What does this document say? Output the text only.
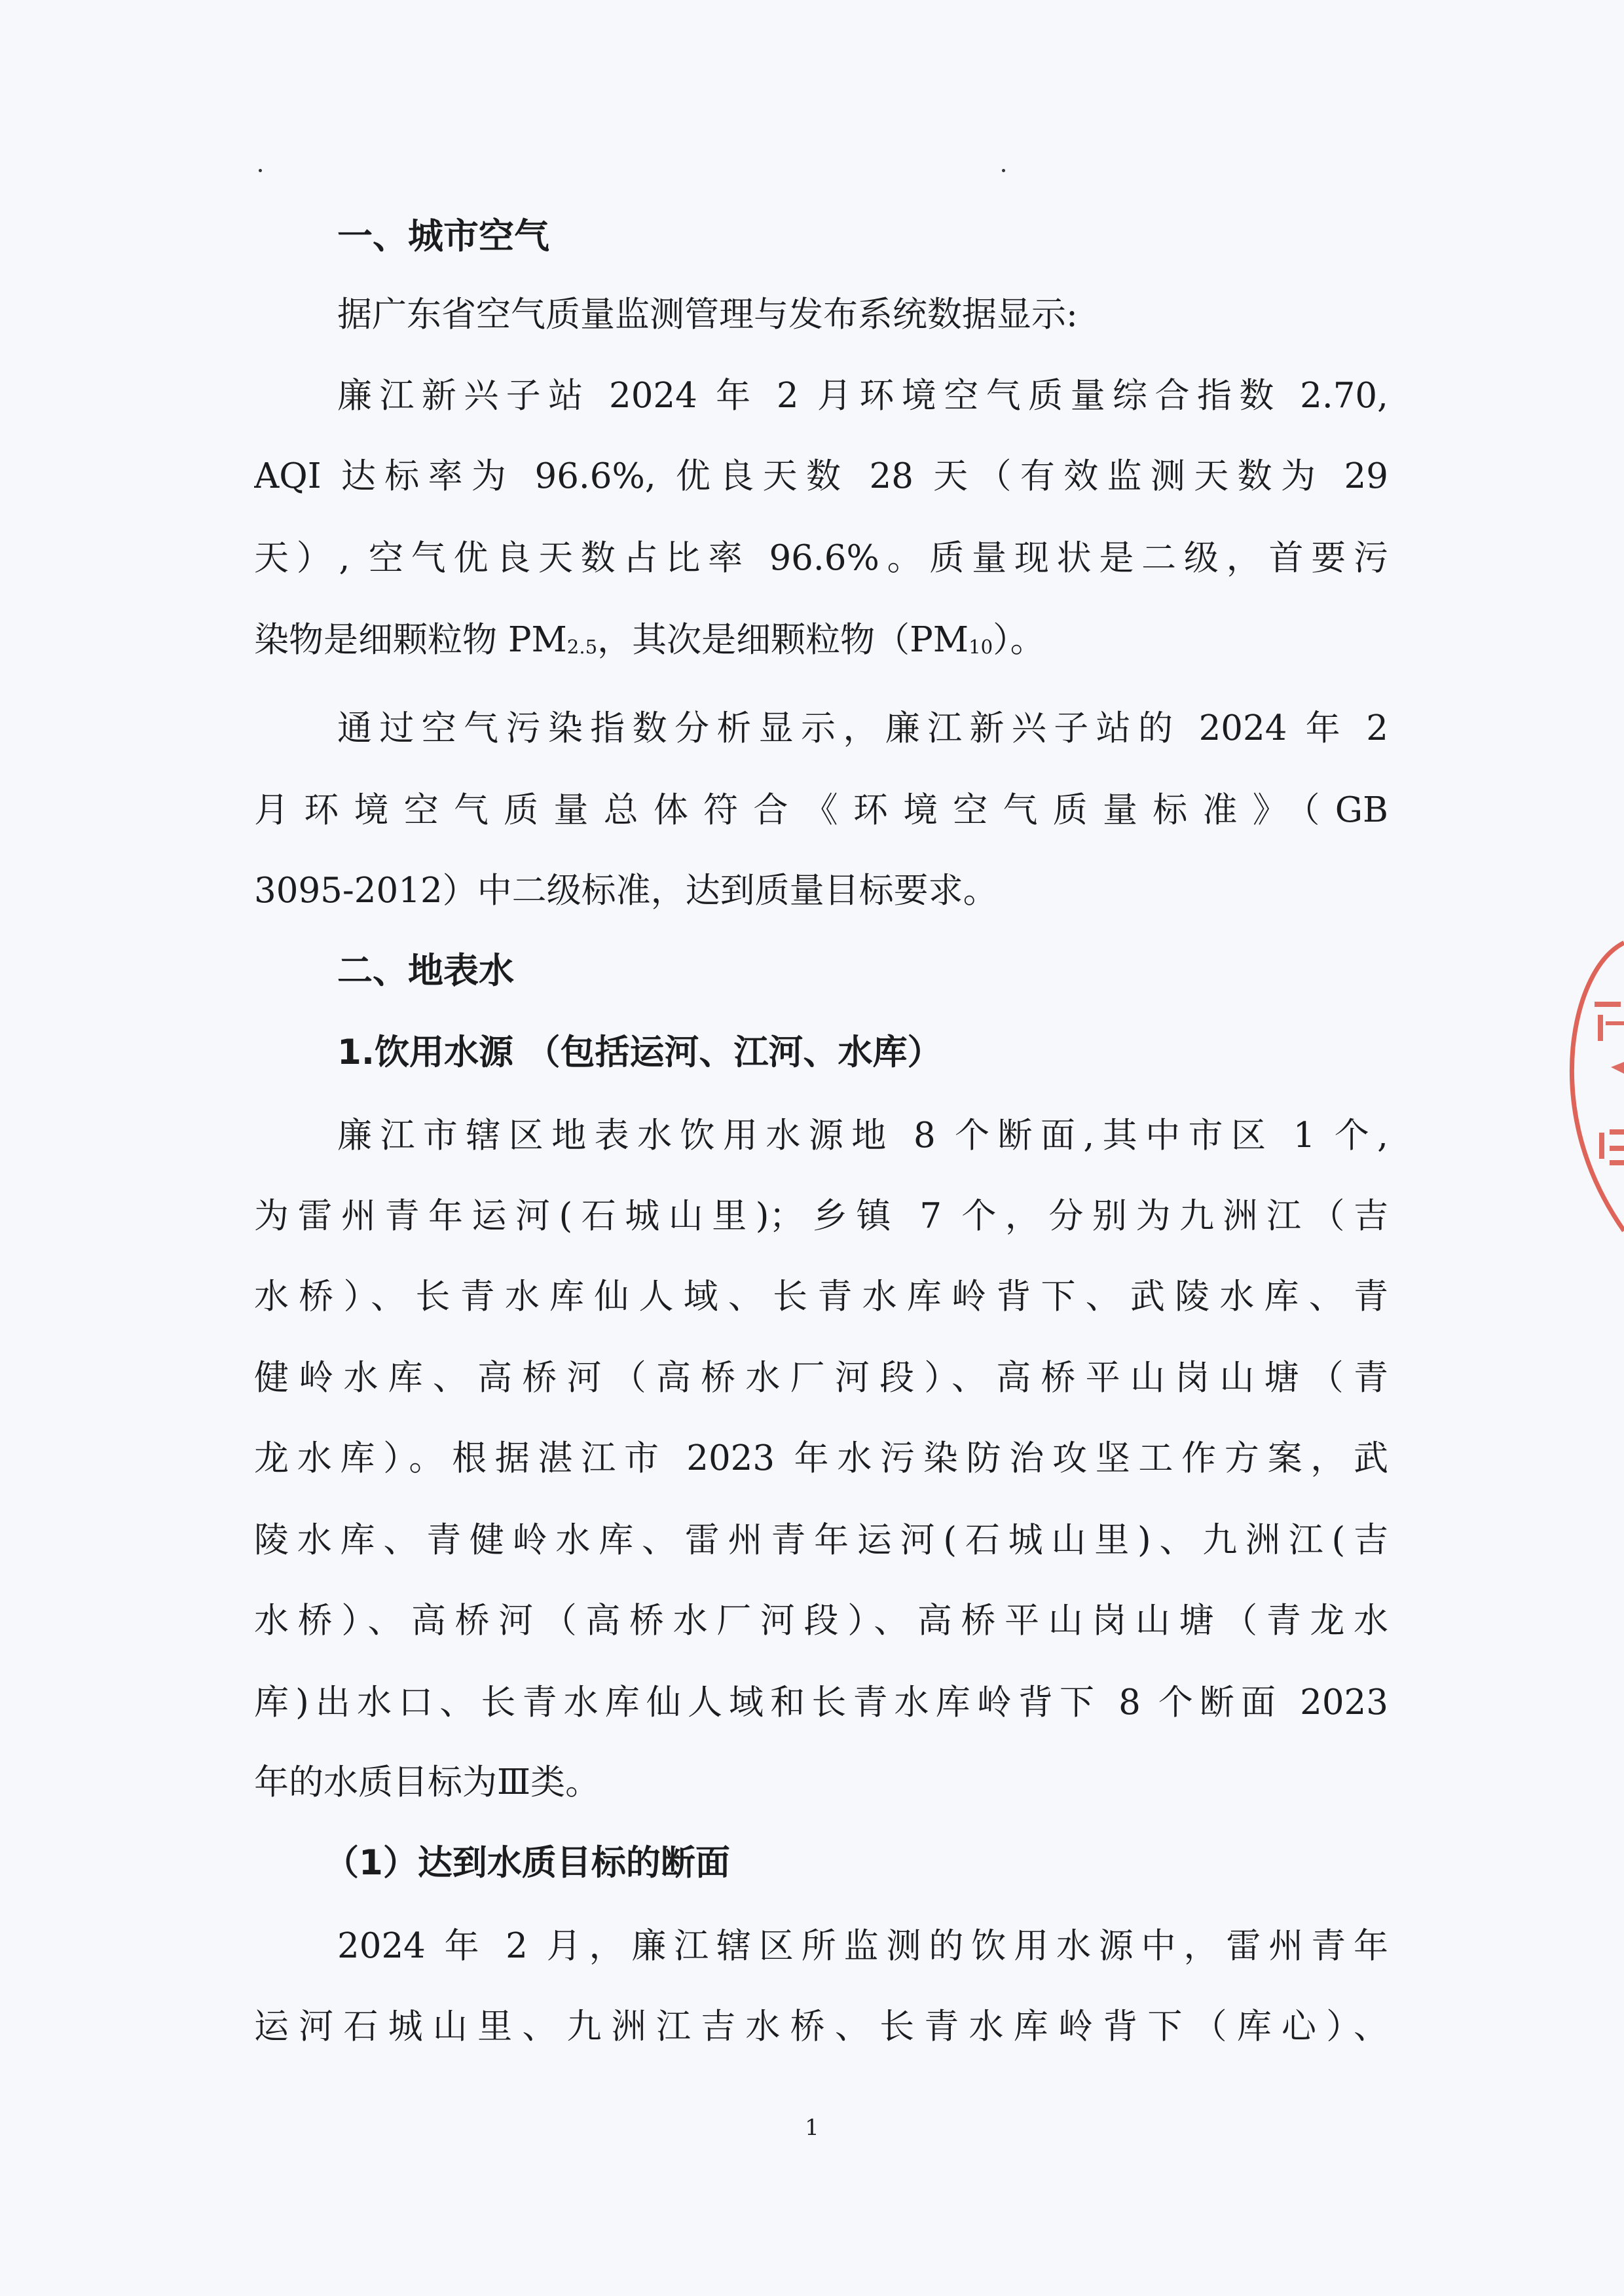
一、城市空气
据广东省空气质量监测管理与发布系统数据显示:
廉江新兴子站 2024 年 2 月环境空气质量综合指数 2.70,
AQI 达标率为 96.6%, 优良天数 28 天（有效监测天数为 29
天）, 空气优良天数占比率 96.6%。质量现状是二级，首要污
染物是细颗粒物 $PM_{2.5}$，其次是细颗粒物$(PM_{10})$。
通过空气污染指数分析显示，廉江新兴子站的 2024 年 2
月环境空气质量总体符合《环境空气质量标准》（GB
3095-2012）中二级标准，达到质量目标要求。
二、地表水
1.饮用水源 （包括运河、江河、水库）
廉江市辖区地表水饮用水源地 8 个断面,其中市区 1 个,
为雷州青年运河(石城山里)；乡镇 7 个，分别为九洲江（吉
水桥）、长青水库仙人域、长青水库岭背下、武陵水库、青
健岭水库、高桥河（高桥水厂河段）、高桥平山岗山塘（青
龙水库）。根据湛江市 2023 年水污染防治攻坚工作方案，武
陵水库、青健岭水库、雷州青年运河(石城山里)、九洲江(吉
水桥）、高桥河（高桥水厂河段）、高桥平山岗山塘（青龙水
库)出水口、长青水库仙人域和长青水库岭背下 8 个断面 2023
年的水质目标为Ⅲ类。
（1）达到水质目标的断面
2024 年 2 月，廉江辖区所监测的饮用水源中，雷州青年
运河石城山里、九洲江吉水桥、长青水库岭背下（库心）、
1
